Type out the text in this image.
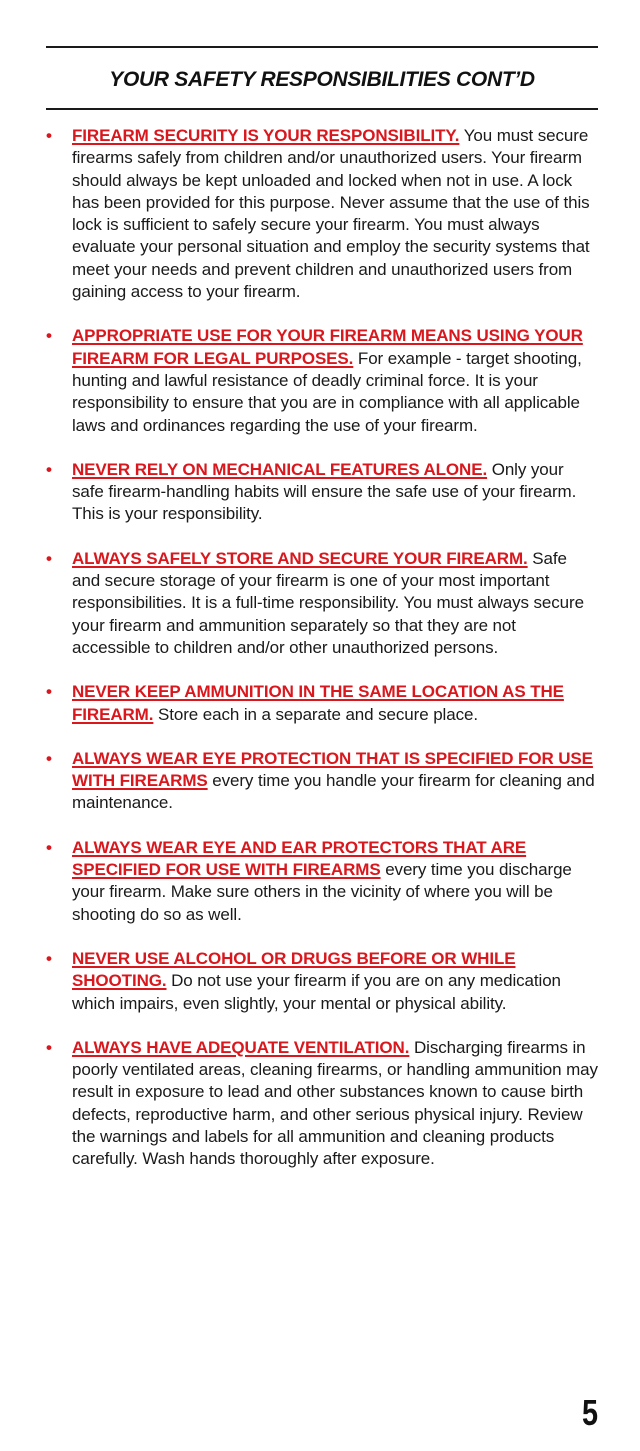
YOUR SAFETY RESPONSIBILITIES CONT’D
• FIREARM SECURITY IS YOUR RESPONSIBILITY. You must secure firearms safely from children and/or unauthorized users. Your firearm should always be kept unloaded and locked when not in use. A lock has been provided for this purpose. Never assume that the use of this lock is sufficient to safely secure your firearm. You must always evaluate your personal situation and employ the security systems that meet your needs and prevent children and unauthorized users from gaining access to your firearm.
• APPROPRIATE USE FOR YOUR FIREARM MEANS USING YOUR FIREARM FOR LEGAL PURPOSES. For example - target shooting, hunting and lawful resistance of deadly criminal force. It is your responsibility to ensure that you are in compliance with all applicable laws and ordinances regarding the use of your firearm.
• NEVER RELY ON MECHANICAL FEATURES ALONE. Only your safe firearm-handling habits will ensure the safe use of your firearm. This is your responsibility.
• ALWAYS SAFELY STORE AND SECURE YOUR FIREARM. Safe and secure storage of your firearm is one of your most important responsibilities. It is a full-time responsibility. You must always secure your firearm and ammunition separately so that they are not accessible to children and/or other unauthorized persons.
• NEVER KEEP AMMUNITION IN THE SAME LOCATION AS THE FIREARM. Store each in a separate and secure place.
• ALWAYS WEAR EYE PROTECTION THAT IS SPECIFIED FOR USE WITH FIREARMS every time you handle your firearm for cleaning and maintenance.
• ALWAYS WEAR EYE AND EAR PROTECTORS THAT ARE SPECIFIED FOR USE WITH FIREARMS every time you discharge your firearm. Make sure others in the vicinity of where you will be shooting do so as well.
• NEVER USE ALCOHOL OR DRUGS BEFORE OR WHILE SHOOTING. Do not use your firearm if you are on any medication which impairs, even slightly, your mental or physical ability.
• ALWAYS HAVE ADEQUATE VENTILATION. Discharging firearms in poorly ventilated areas, cleaning firearms, or handling ammunition may result in exposure to lead and other substances known to cause birth defects, reproductive harm, and other serious physical injury. Review the warnings and labels for all ammunition and cleaning products carefully. Wash hands thoroughly after exposure.
5
